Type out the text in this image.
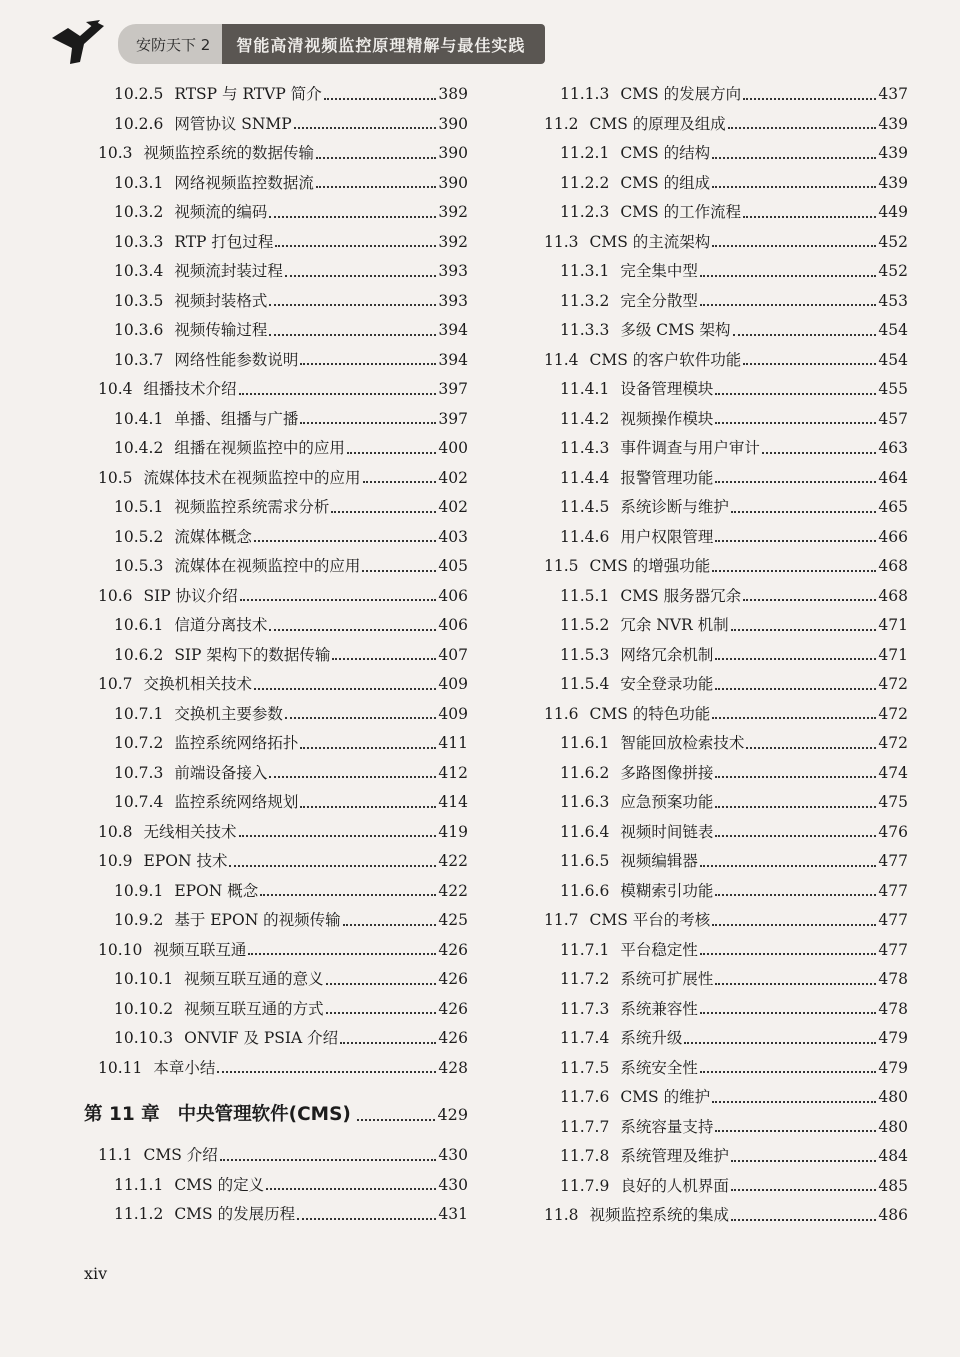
安防天下 2	智能高清视频监控原理精解与最佳实践
10.2.5 RTSP 与 RTVP 简介	389
10.2.6 网管协议 SNMP	390
10.3 视频监控系统的数据传输	390
10.3.1 网络视频监控数据流	390
10.3.2 视频流的编码	392
10.3.3 RTP 打包过程	392
10.3.4 视频流封装过程	393
10.3.5 视频封装格式	393
10.3.6 视频传输过程	394
10.3.7 网络性能参数说明	394
10.4 组播技术介绍	397
10.4.1 单播、组播与广播	397
10.4.2 组播在视频监控中的应用	400
10.5 流媒体技术在视频监控中的应用	402
10.5.1 视频监控系统需求分析	402
10.5.2 流媒体概念	403
10.5.3 流媒体在视频监控中的应用	405
10.6 SIP 协议介绍	406
10.6.1 信道分离技术	406
10.6.2 SIP 架构下的数据传输	407
10.7 交换机相关技术	409
10.7.1 交换机主要参数	409
10.7.2 监控系统网络拓扑	411
10.7.3 前端设备接入	412
10.7.4 监控系统网络规划	414
10.8 无线相关技术	419
10.9 EPON 技术	422
10.9.1 EPON 概念	422
10.9.2 基于 EPON 的视频传输	425
10.10 视频互联互通	426
10.10.1 视频互联互通的意义	426
10.10.2 视频互联互通的方式	426
10.10.3 ONVIF 及 PSIA 介绍	426
10.11 本章小结	428
第 11 章 中央管理软件(CMS)	429
11.1 CMS 介绍	430
11.1.1 CMS 的定义	430
11.1.2 CMS 的发展历程	431
11.1.3 CMS 的发展方向	437
11.2 CMS 的原理及组成	439
11.2.1 CMS 的结构	439
11.2.2 CMS 的组成	439
11.2.3 CMS 的工作流程	449
11.3 CMS 的主流架构	452
11.3.1 完全集中型	452
11.3.2 完全分散型	453
11.3.3 多级 CMS 架构	454
11.4 CMS 的客户软件功能	454
11.4.1 设备管理模块	455
11.4.2 视频操作模块	457
11.4.3 事件调查与用户审计	463
11.4.4 报警管理功能	464
11.4.5 系统诊断与维护	465
11.4.6 用户权限管理	466
11.5 CMS 的增强功能	468
11.5.1 CMS 服务器冗余	468
11.5.2 冗余 NVR 机制	471
11.5.3 网络冗余机制	471
11.5.4 安全登录功能	472
11.6 CMS 的特色功能	472
11.6.1 智能回放检索技术	472
11.6.2 多路图像拼接	474
11.6.3 应急预案功能	475
11.6.4 视频时间链表	476
11.6.5 视频编辑器	477
11.6.6 模糊索引功能	477
11.7 CMS 平台的考核	477
11.7.1 平台稳定性	477
11.7.2 系统可扩展性	478
11.7.3 系统兼容性	478
11.7.4 系统升级	479
11.7.5 系统安全性	479
11.7.6 CMS 的维护	480
11.7.7 系统容量支持	480
11.7.8 系统管理及维护	484
11.7.9 良好的人机界面	485
11.8 视频监控系统的集成	486
xiv
